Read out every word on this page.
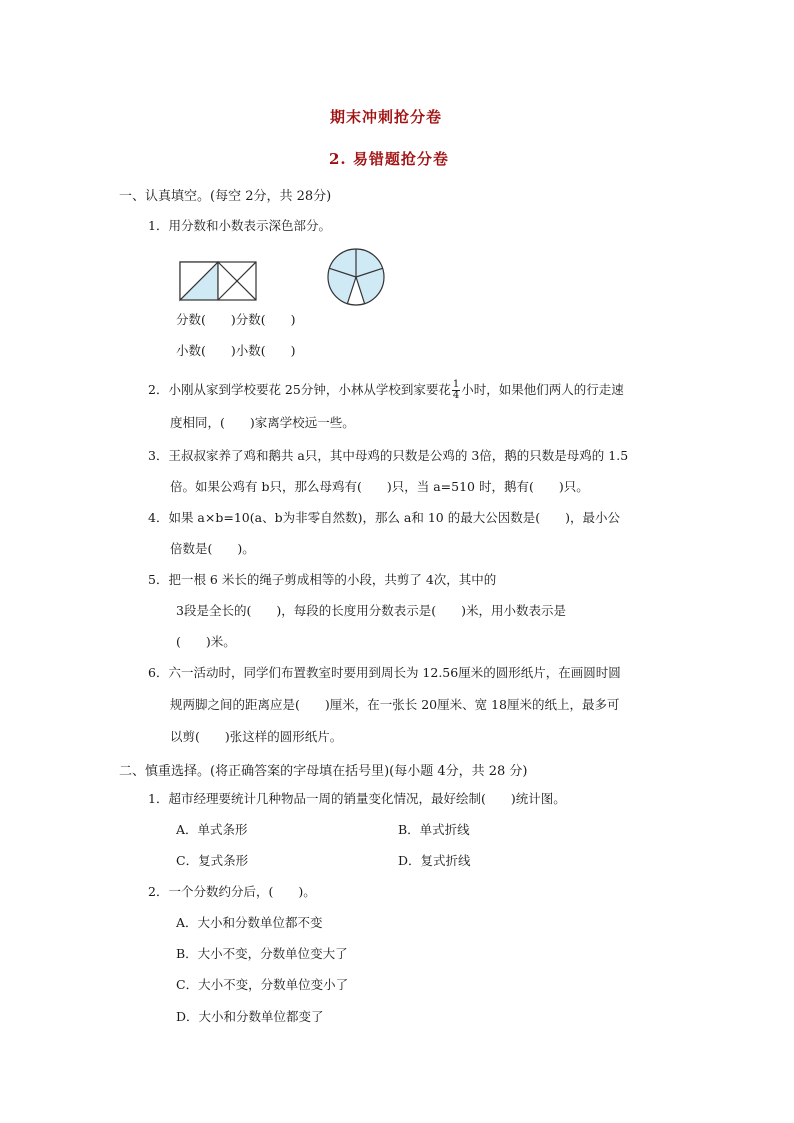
期末冲刺抢分卷
2. 易错题抢分卷
一、认真填空。(每空 2分，共 28分)
1．用分数和小数表示深色部分。
分数(　　)分数(　　)
小数(　　)小数(　　)
2．小刚从家到学校要花 25分钟，小林从学校到家要花 $\frac{1}{4}$ 小时，如果他们两人的行走速
度相同，(　　)家离学校远一些。
3．王叔叔家养了鸡和鹅共 a只，其中母鸡的只数是公鸡的 3倍，鹅的只数是母鸡的 1.5
倍。如果公鸡有 b只，那么母鸡有(　　)只，当 a=510 时，鹅有(　　)只。
4．如果 a×b=10(a、b为非零自然数)，那么 a和 10 的最大公因数是(　　)，最小公
倍数是(　　)。
5．把一根 6 米长的绳子剪成相等的小段，共剪了 4次，其中的
3段是全长的(　　)，每段的长度用分数表示是(　　)米，用小数表示是
(　　)米。
6．六一活动时，同学们布置教室时要用到周长为 12.56厘米的圆形纸片，在画圆时圆
规两脚之间的距离应是(　　)厘米，在一张长 20厘米、宽 18厘米的纸上，最多可
以剪(　　)张这样的圆形纸片。
二、慎重选择。(将正确答案的字母填在括号里)(每小题 4分，共 28 分)
1．超市经理要统计几种物品一周的销量变化情况，最好绘制(　　)统计图。
A．单式条形	B．单式折线
C．复式条形	D．复式折线
2．一个分数约分后，(　　)。
A．大小和分数单位都不变
B．大小不变，分数单位变大了
C．大小不变，分数单位变小了
D．大小和分数单位都变了
